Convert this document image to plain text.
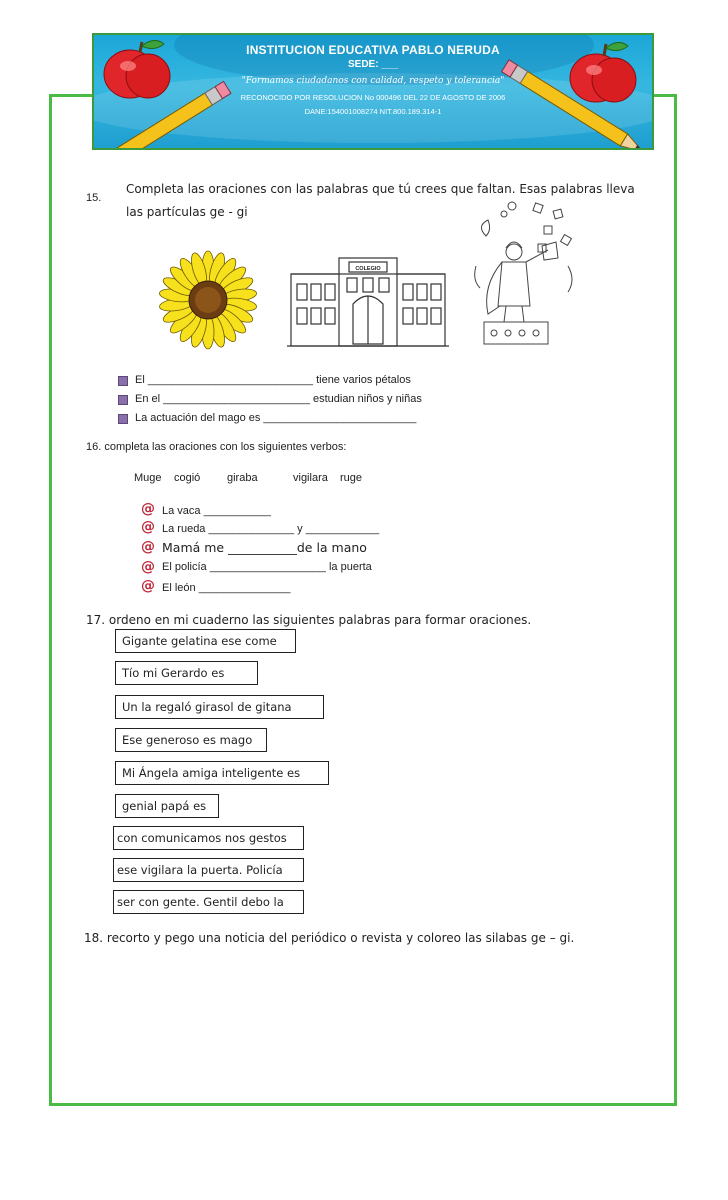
INSTITUCION EDUCATIVA PABLO NERUDA
SEDE: ___
"Formamos ciudadanos con calidad, respeto y tolerancia"
RECONOCIDO POR RESOLUCION No 000496 DEL 22 DE AGOSTO DE 2006
DANE:154001008274 NIT.800.189.314-1
15.
Completa las oraciones con las palabras que tú crees que faltan. Esas palabras lleva
las partículas ge - gi
COLEGIO
El ___________________________ tiene varios pétalos
En el ________________________ estudian niños y niñas
La actuación del mago es _________________________
16. completa las oraciones con los siguientes verbos:
Muge cogió giraba	vigilara ruge
@ La vaca ___________
@ La rueda ______________ y ____________
@ Mamá me ___________de la mano
@ El policía ___________________ la puerta
@ El león _______________
17. ordeno en mi cuaderno las siguientes palabras para formar oraciones.
Gigante gelatina ese come
Tío mi Gerardo es
Un la regaló girasol de gitana
Ese generoso es mago
Mi Ángela amiga inteligente es
genial papá es
con comunicamos nos gestos
ese vigilara la puerta. Policía
ser con gente. Gentil debo la
18. recorto y pego una noticia del periódico o revista y coloreo las silabas ge – gi.
